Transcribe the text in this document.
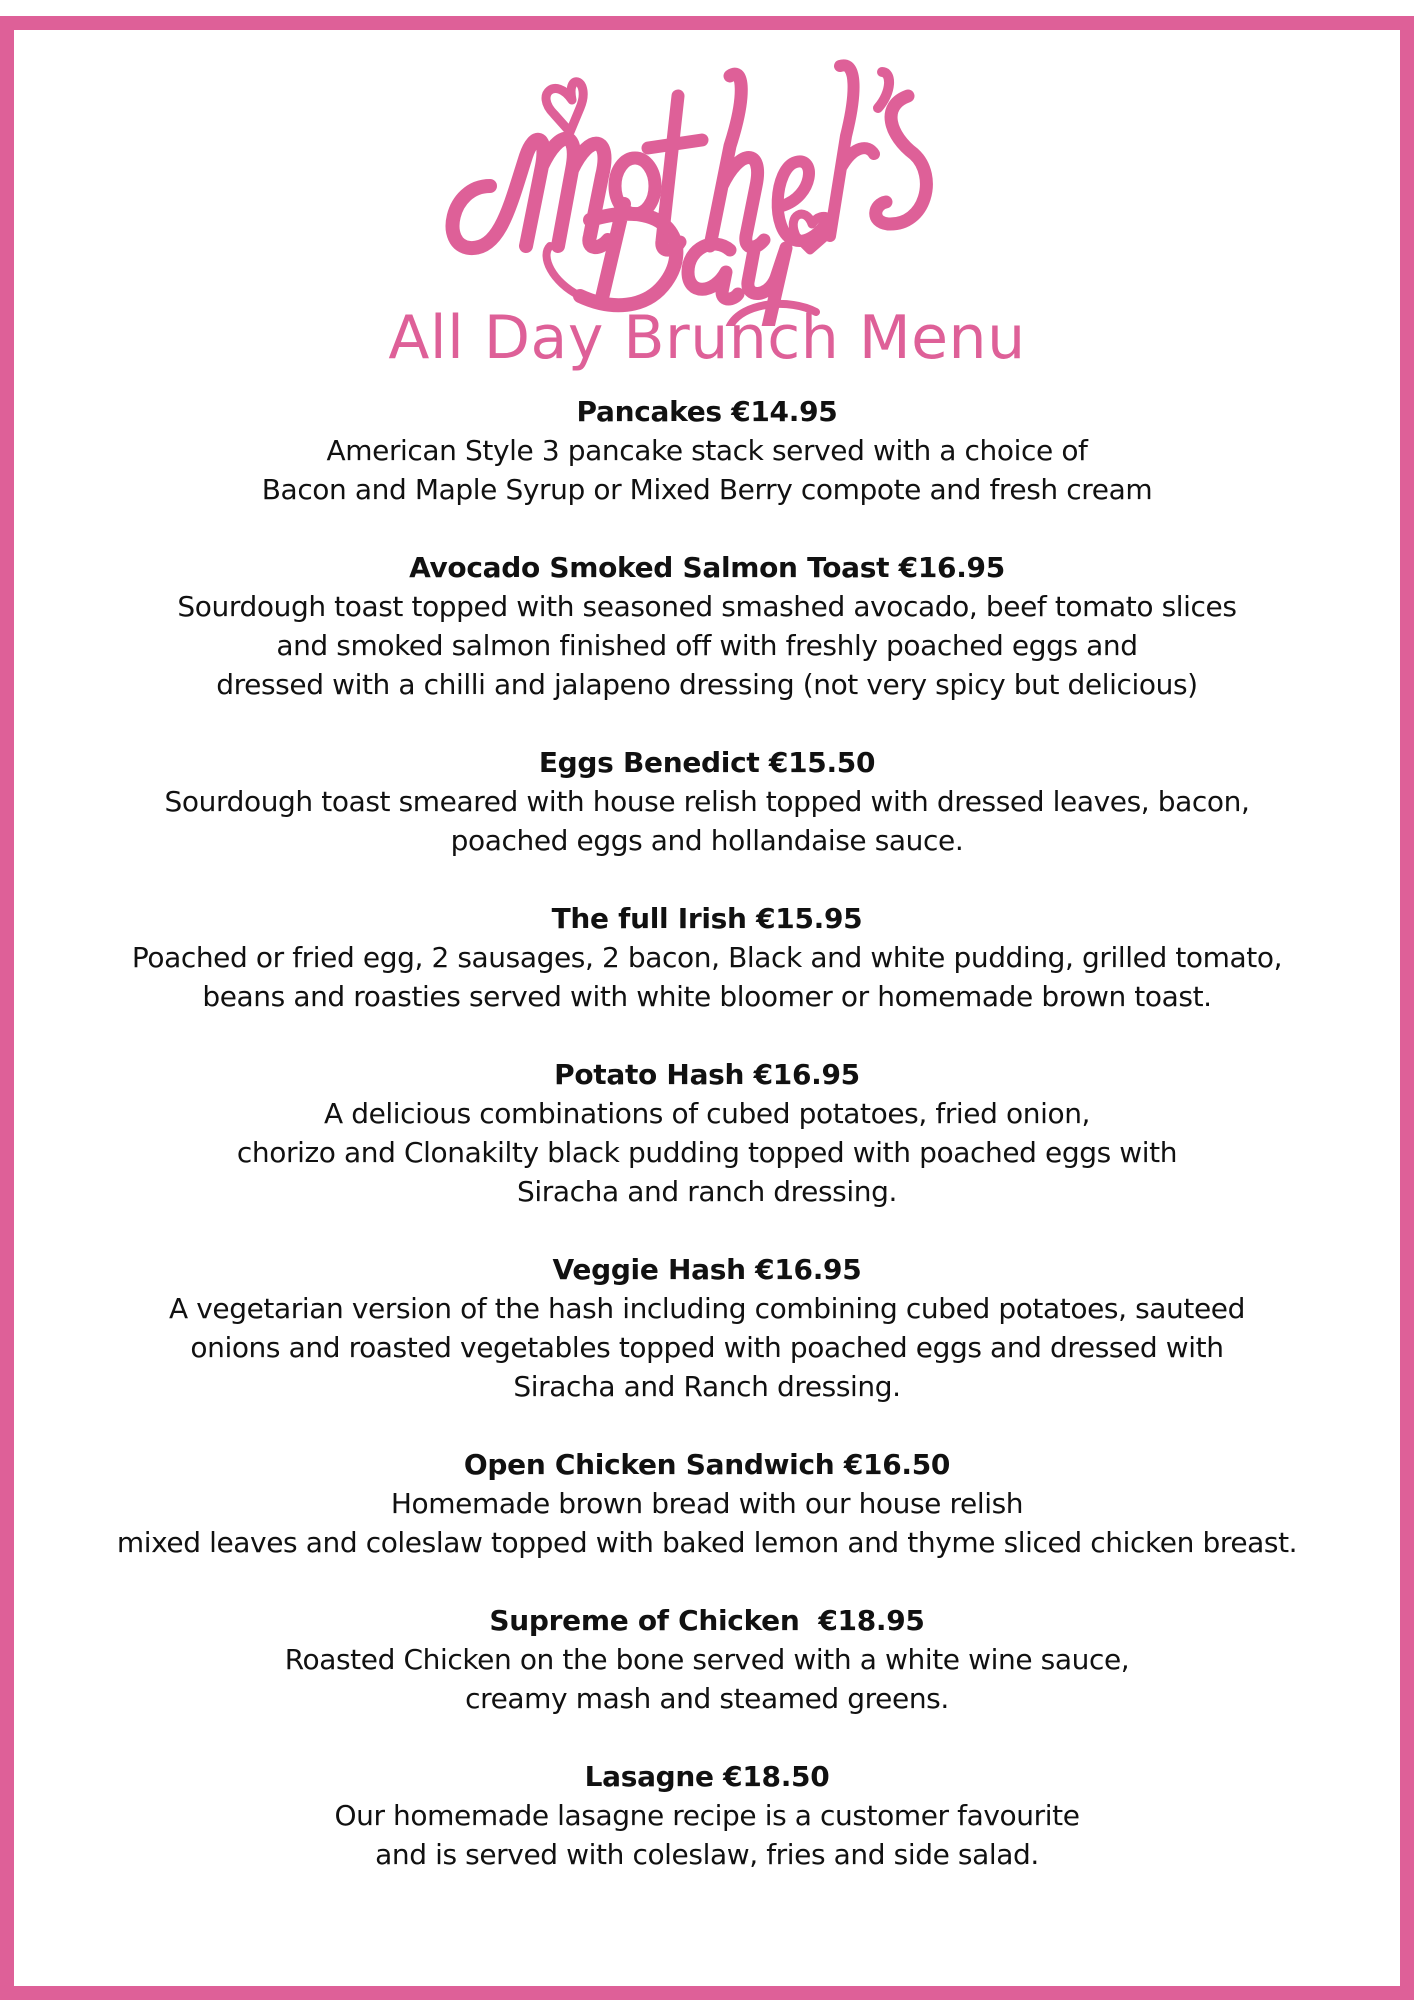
All Day Brunch Menu
Pancakes €14.95
American Style 3 pancake stack served with a choice of
Bacon and Maple Syrup or Mixed Berry compote and fresh cream
Avocado Smoked Salmon Toast €16.95
Sourdough toast topped with seasoned smashed avocado, beef tomato slices
and smoked salmon finished off with freshly poached eggs and
dressed with a chilli and jalapeno dressing (not very spicy but delicious)
Eggs Benedict €15.50
Sourdough toast smeared with house relish topped with dressed leaves, bacon,
poached eggs and hollandaise sauce.
The full Irish €15.95
Poached or fried egg, 2 sausages, 2 bacon, Black and white pudding, grilled tomato,
beans and roasties served with white bloomer or homemade brown toast.
Potato Hash €16.95
A delicious combinations of cubed potatoes, fried onion,
chorizo and Clonakilty black pudding topped with poached eggs with
Siracha and ranch dressing.
Veggie Hash €16.95
A vegetarian version of the hash including combining cubed potatoes, sauteed
onions and roasted vegetables topped with poached eggs and dressed with
Siracha and Ranch dressing.
Open Chicken Sandwich €16.50
Homemade brown bread with our house relish
mixed leaves and coleslaw topped with baked lemon and thyme sliced chicken breast.
Supreme of Chicken  €18.95
Roasted Chicken on the bone served with a white wine sauce,
creamy mash and steamed greens.
Lasagne €18.50
Our homemade lasagne recipe is a customer favourite
and is served with coleslaw, fries and side salad.
